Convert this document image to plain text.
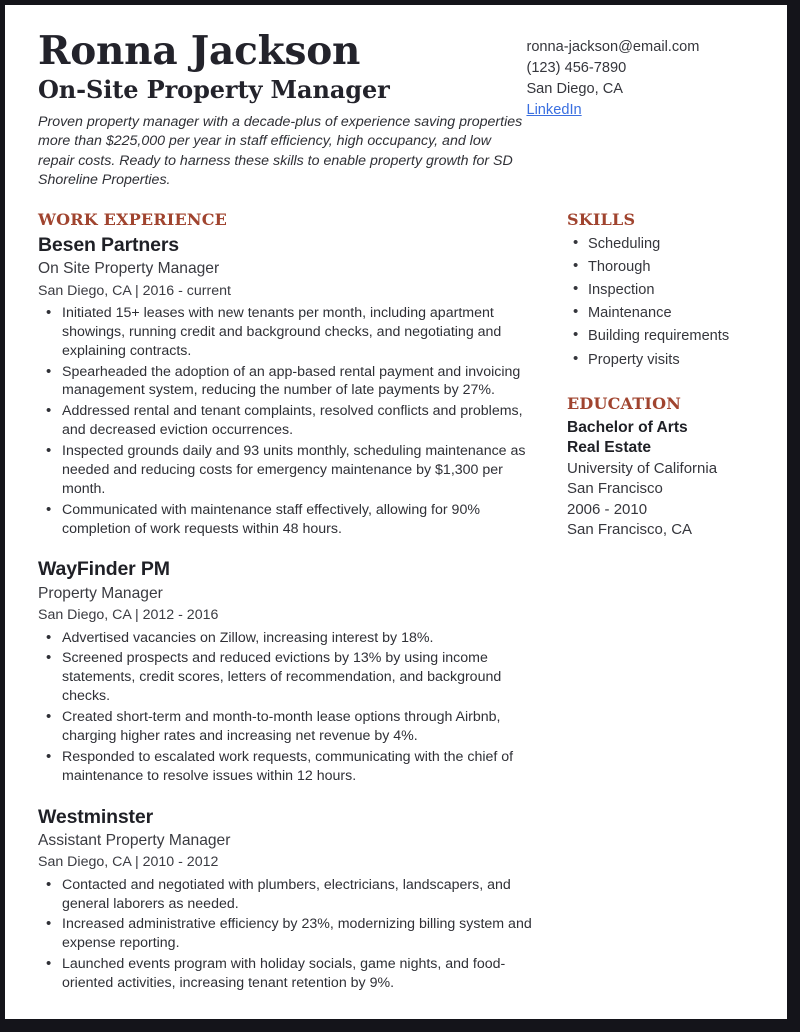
Ronna Jackson
On-Site Property Manager

Proven property manager with a decade-plus of experience saving properties more than $225,000 per year in staff efficiency, high occupancy, and low repair costs. Ready to harness these skills to enable property growth for SD Shoreline Properties.

ronna-jackson@email.com
(123) 456-7890
San Diego, CA
LinkedIn
WORK EXPERIENCE

Besen Partners

On Site Property Manager

San Diego, CA | 2016 - current

• Initiated 15+ leases with new tenants per month, including apartment showings, running credit and background checks, and negotiating and explaining contracts.
• Spearheaded the adoption of an app-based rental payment and invoicing management system, reducing the number of late payments by 27%.
• Addressed rental and tenant complaints, resolved conflicts and problems, and decreased eviction occurrences.
• Inspected grounds daily and 93 units monthly, scheduling maintenance as needed and reducing costs for emergency maintenance by $1,300 per month.
• Communicated with maintenance staff effectively, allowing for 90% completion of work requests within 48 hours.

WayFinder PM

Property Manager

San Diego, CA | 2012 - 2016

• Advertised vacancies on Zillow, increasing interest by 18%.
• Screened prospects and reduced evictions by 13% by using income statements, credit scores, letters of recommendation, and background checks.
• Created short-term and month-to-month lease options through Airbnb, charging higher rates and increasing net revenue by 4%.
• Responded to escalated work requests, communicating with the chief of maintenance to resolve issues within 12 hours.

Westminster

Assistant Property Manager

San Diego, CA | 2010 - 2012

• Contacted and negotiated with plumbers, electricians, landscapers, and general laborers as needed.
• Increased administrative efficiency by 23%, modernizing billing system and expense reporting.
• Launched events program with holiday socials, game nights, and food-oriented activities, increasing tenant retention by 9%.
SKILLS
• Scheduling
• Thorough
• Inspection
• Maintenance
• Building requirements
• Property visits
EDUCATION

Bachelor of Arts

Real Estate

University of California

San Francisco

2006 - 2010

San Francisco, CA
